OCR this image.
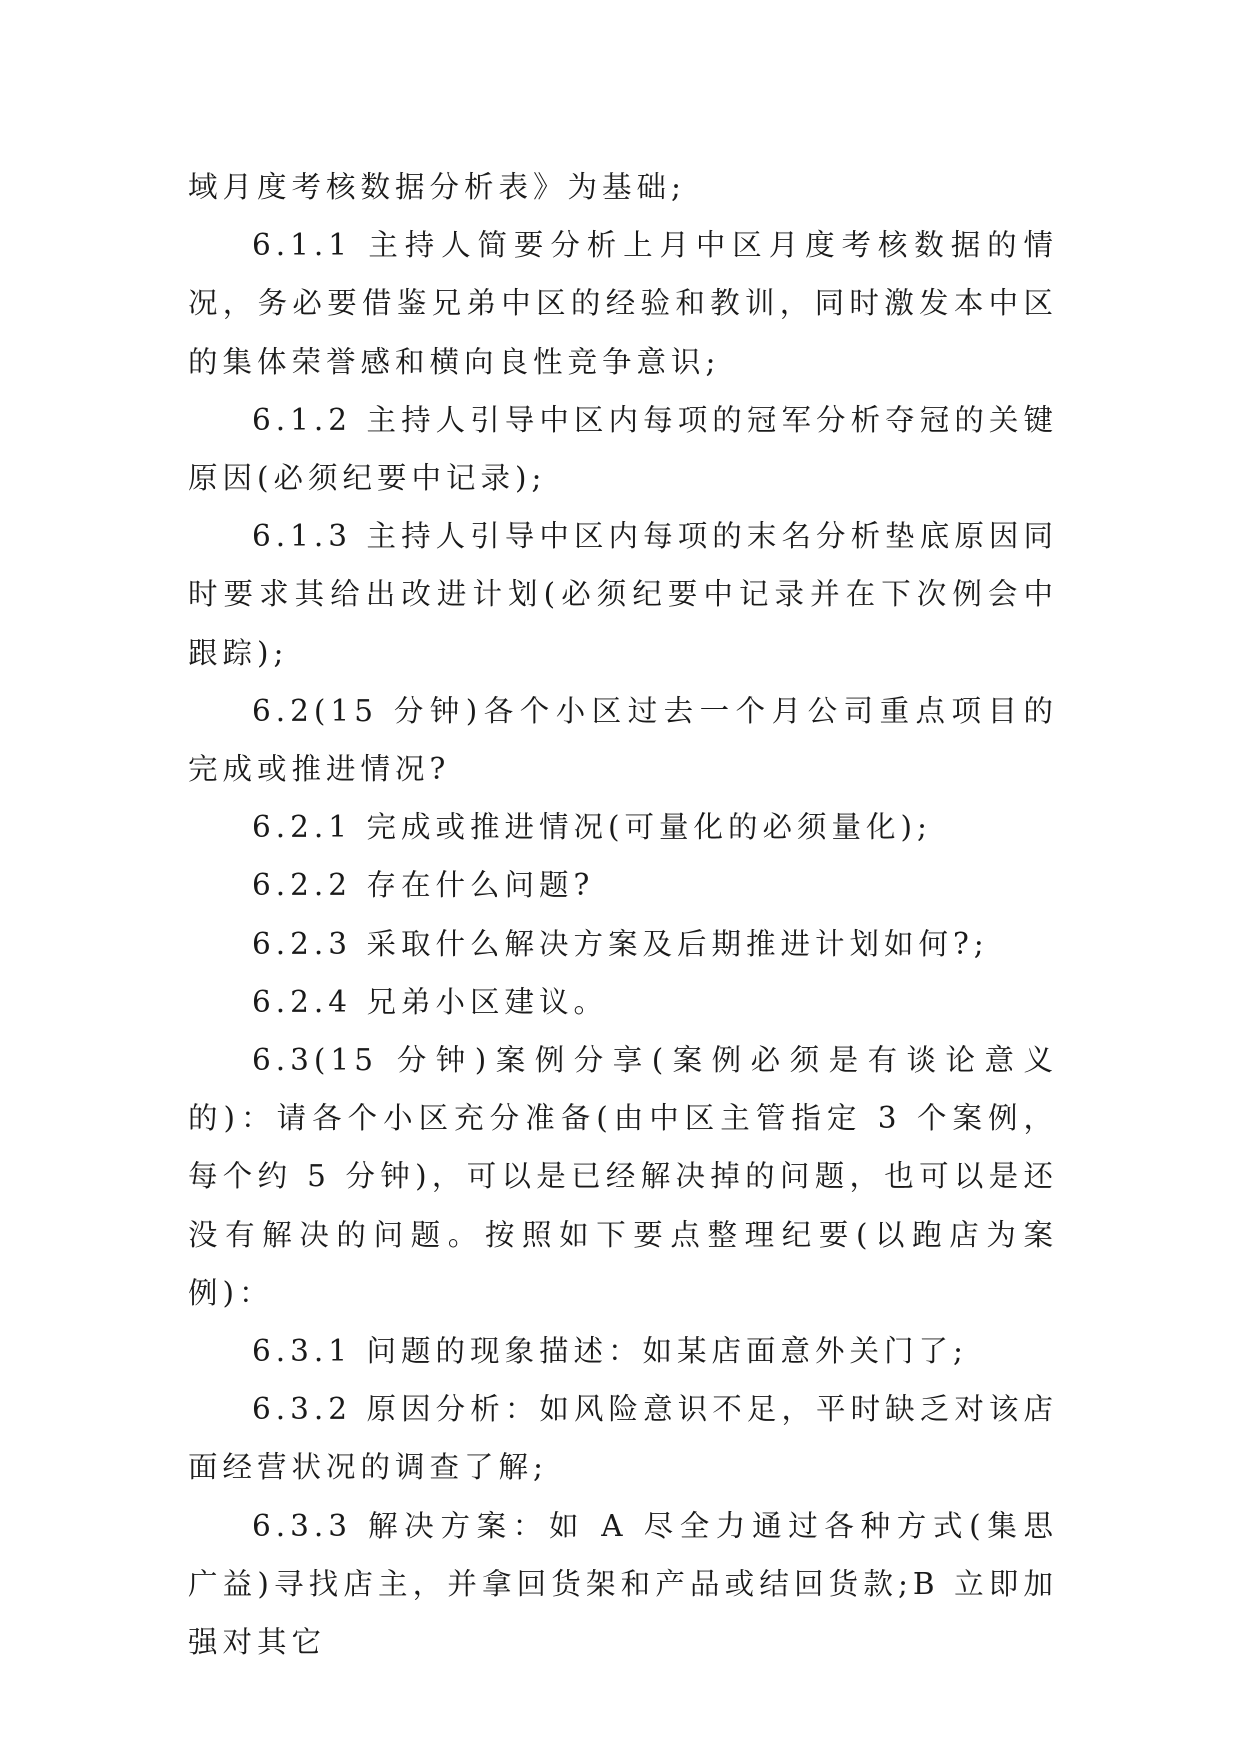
域月度考核数据分析表》为基础;

6.1.1 主持人简要分析上月中区月度考核数据的情况，务必要借鉴兄弟中区的经验和教训，同时激发本中区的集体荣誉感和横向良性竞争意识;

6.1.2 主持人引导中区内每项的冠军分析夺冠的关键原因(必须纪要中记录);

6.1.3 主持人引导中区内每项的末名分析垫底原因同时要求其给出改进计划(必须纪要中记录并在下次例会中跟踪);

6.2(15 分钟)各个小区过去一个月公司重点项目的完成或推进情况?

6.2.1 完成或推进情况(可量化的必须量化);

6.2.2 存在什么问题?

6.2.3 采取什么解决方案及后期推进计划如何?;

6.2.4 兄弟小区建议。

6.3(15 分钟)案例分享(案例必须是有谈论意义的)：请各个小区充分准备(由中区主管指定 3 个案例，每个约 5 分钟)，可以是已经解决掉的问题，也可以是还没有解决的问题。按照如下要点整理纪要(以跑店为案例)：

6.3.1 问题的现象描述：如某店面意外关门了;

6.3.2 原因分析：如风险意识不足，平时缺乏对该店面经营状况的调查了解;

6.3.3 解决方案：如 A 尽全力通过各种方式(集思广益)寻找店主，并拿回货架和产品或结回货款;B 立即加强对其它
